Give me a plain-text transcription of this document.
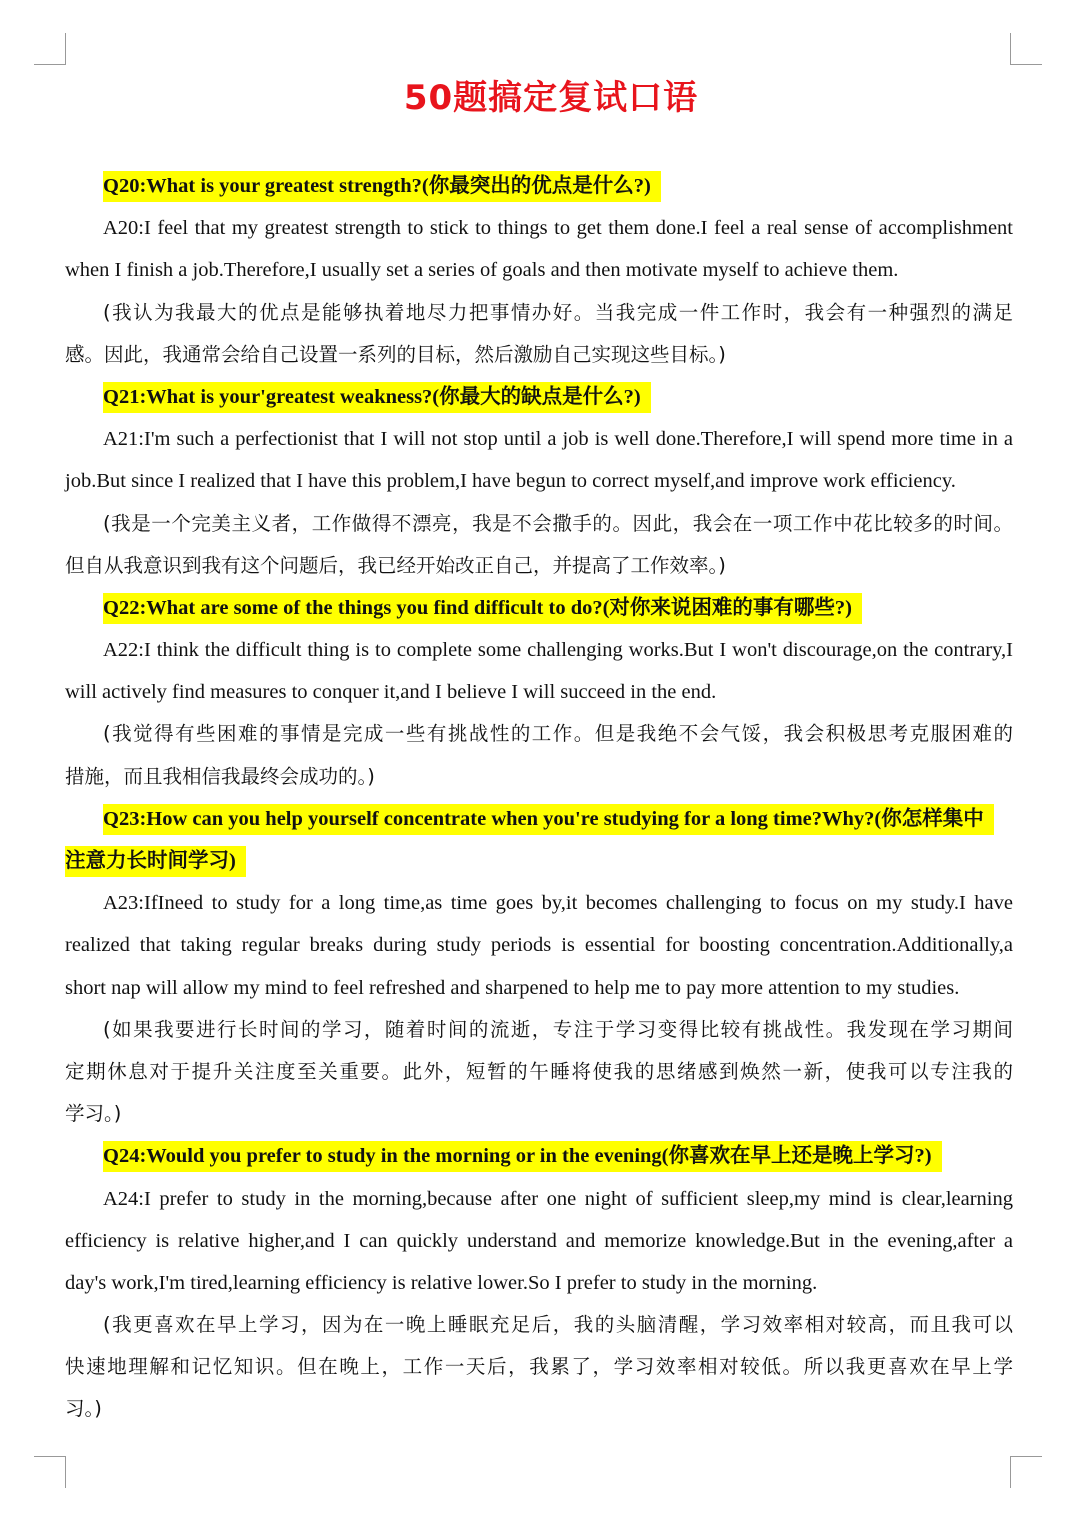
50题搞定复试口语
Q20:What is your greatest strength?(你最突出的优点是什么?)
A20:I feel that my greatest strength to stick to things to get them done.I feel a real sense of accomplishment
when I finish a job.Therefore,I usually set a series of goals and then motivate myself to achieve them.
(我认为我最大的优点是能够执着地尽力把事情办好。当我完成一件工作时，我会有一种强烈的满足
感。因此，我通常会给自己设置一系列的目标，然后激励自己实现这些目标。)
Q21:What is your'greatest weakness?(你最大的缺点是什么?)
A21:I'm such a perfectionist that I will not stop until a job is well done.Therefore,I will spend more time in a
job.But since I realized that I have this problem,I have begun to correct myself,and improve work efficiency.
(我是一个完美主义者，工作做得不漂亮，我是不会撒手的。因此，我会在一项工作中花比较多的时间。
但自从我意识到我有这个问题后，我已经开始改正自己，并提高了工作效率。)
Q22:What are some of the things you find difficult to do?(对你来说困难的事有哪些?)
A22:I think the difficult thing is to complete some challenging works.But I won't discourage,on the contrary,I
will actively find measures to conquer it,and I believe I will succeed in the end.
(我觉得有些困难的事情是完成一些有挑战性的工作。但是我绝不会气馁，我会积极思考克服困难的
措施，而且我相信我最终会成功的。)
Q23:How can you help yourself concentrate when you're studying for a long time?Why?(你怎样集中
注意力长时间学习)
A23:IfIneed to study for a long time,as time goes by,it becomes challenging to focus on my study.I have
realized that taking regular breaks during study periods is essential for boosting concentration.Additionally,a
short nap will allow my mind to feel refreshed and sharpened to help me to pay more attention to my studies.
(如果我要进行长时间的学习，随着时间的流逝，专注于学习变得比较有挑战性。我发现在学习期间
定期休息对于提升关注度至关重要。此外，短暂的午睡将使我的思绪感到焕然一新，使我可以专注我的
学习。)
Q24:Would you prefer to study in the morning or in the evening(你喜欢在早上还是晚上学习?)
A24:I prefer to study in the morning,because after one night of sufficient sleep,my mind is clear,learning
efficiency is relative higher,and I can quickly understand and memorize knowledge.But in the evening,after a
day's work,I'm tired,learning efficiency is relative lower.So I prefer to study in the morning.
(我更喜欢在早上学习，因为在一晚上睡眠充足后，我的头脑清醒，学习效率相对较高，而且我可以
快速地理解和记忆知识。但在晚上，工作一天后，我累了，学习效率相对较低。所以我更喜欢在早上学
习。)
